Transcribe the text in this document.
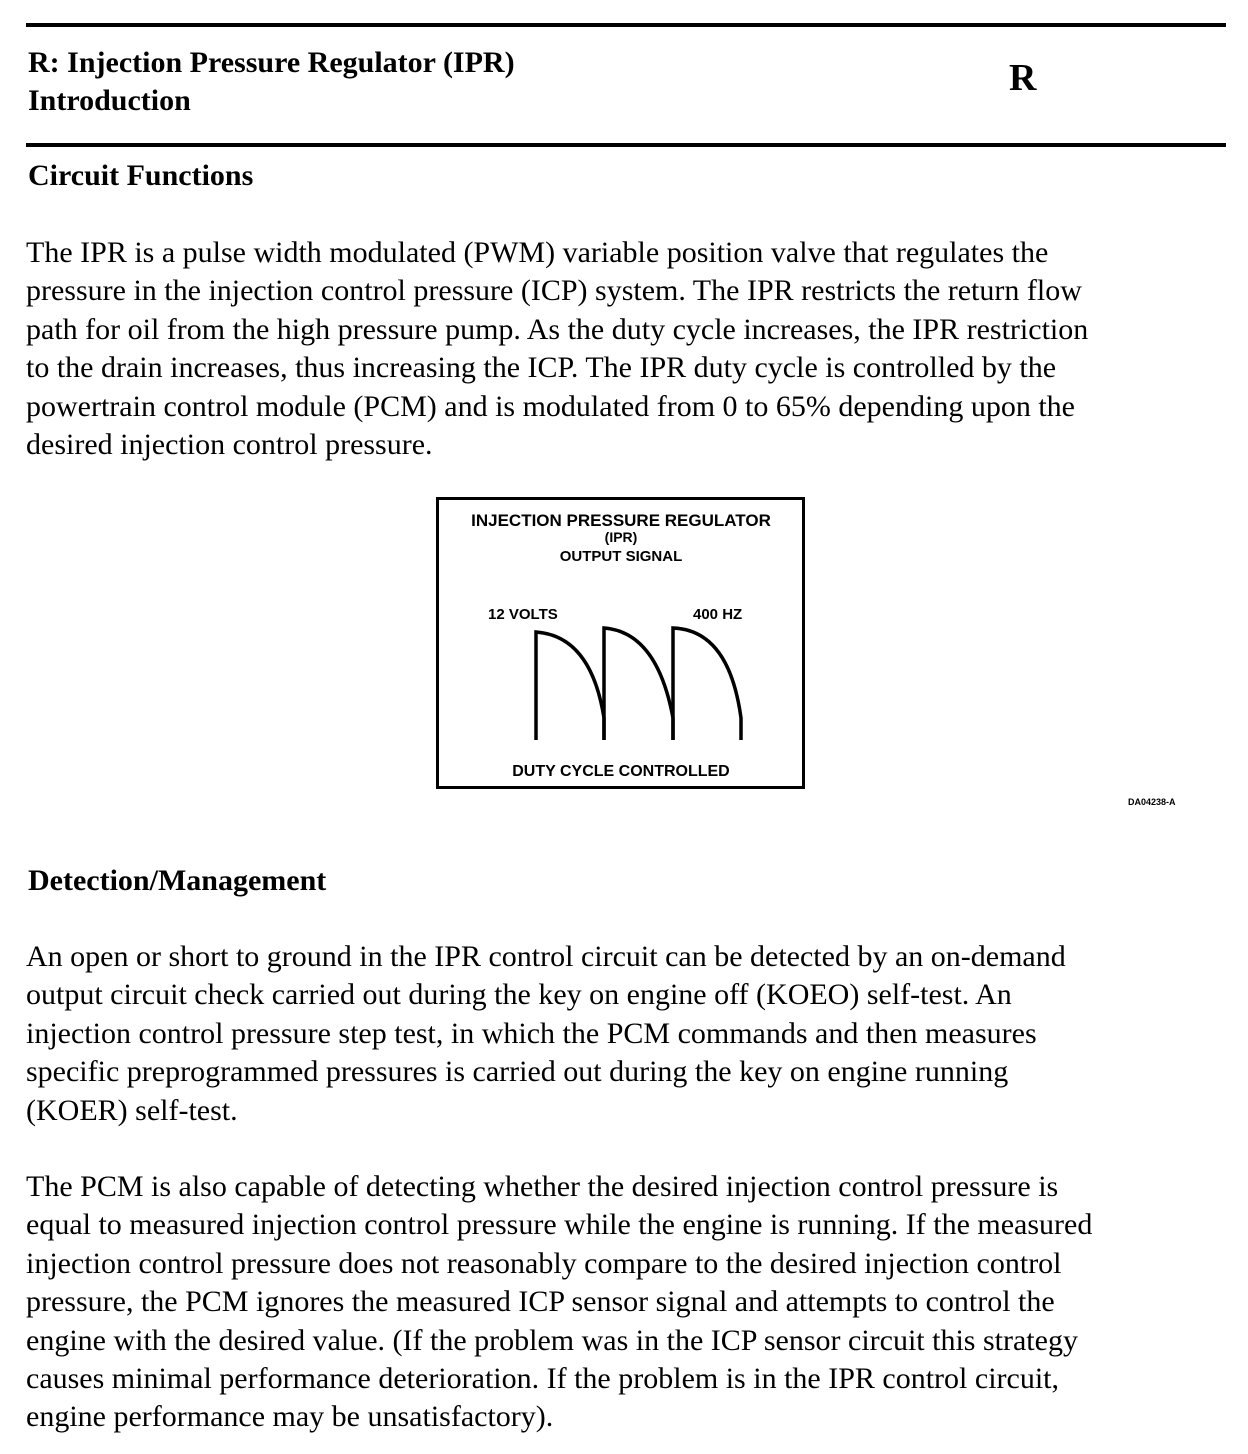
R: Injection Pressure Regulator (IPR)
Introduction
R
Circuit Functions
The IPR is a pulse width modulated (PWM) variable position valve that regulates the
pressure in the injection control pressure (ICP) system. The IPR restricts the return flow
path for oil from the high pressure pump. As the duty cycle increases, the IPR restriction
to the drain increases, thus increasing the ICP. The IPR duty cycle is controlled by the
powertrain control module (PCM) and is modulated from 0 to 65% depending upon the
desired injection control pressure.
INJECTION PRESSURE REGULATOR
(IPR)
OUTPUT SIGNAL
12 VOLTS	400 HZ
DUTY CYCLE CONTROLLED
DA04238-A
Detection/Management
An open or short to ground in the IPR control circuit can be detected by an on-demand
output circuit check carried out during the key on engine off (KOEO) self-test. An
injection control pressure step test, in which the PCM commands and then measures
specific preprogrammed pressures is carried out during the key on engine running
(KOER) self-test.
The PCM is also capable of detecting whether the desired injection control pressure is
equal to measured injection control pressure while the engine is running. If the measured
injection control pressure does not reasonably compare to the desired injection control
pressure, the PCM ignores the measured ICP sensor signal and attempts to control the
engine with the desired value. (If the problem was in the ICP sensor circuit this strategy
causes minimal performance deterioration. If the problem is in the IPR control circuit,
engine performance may be unsatisfactory).
